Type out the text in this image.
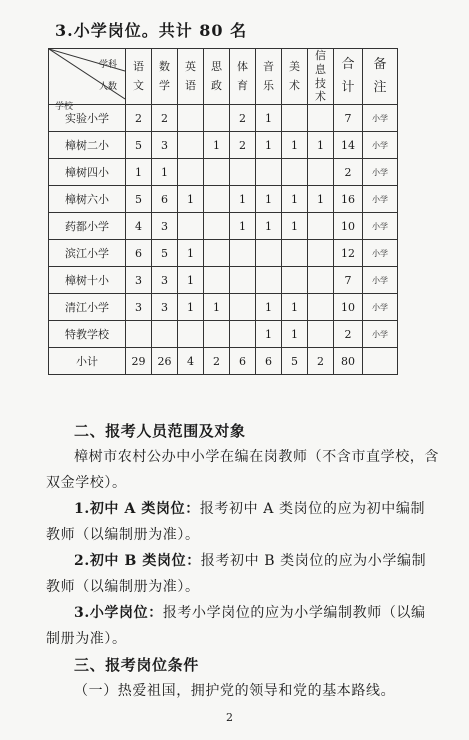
3.小学岗位。共计 80 名
学科
人数
学校	语文	数学	英语	思政	体育	音乐	美术	信息技术	合计	备注
实验小学	2	2			2	1			7	小学
樟树二小	5	3		1	2	1	1	1	14	小学
樟树四小	1	1							2	小学
樟树六小	5	6	1		1	1	1	1	16	小学
药都小学	4	3			1	1	1		10	小学
滨江小学	6	5	1						12	小学
樟树十小	3	3	1						7	小学
清江小学	3	3	1	1		1	1		10	小学
特教学校						1	1		2	小学
小计	29	26	4	2	6	6	5	2	80	
二、报考人员范围及对象
樟树市农村公办中小学在编在岗教师（不含市直学校，含双金学校）。
1.初中 A 类岗位：报考初中 A 类岗位的应为初中编制教师（以编制册为准）。
2.初中 B 类岗位：报考初中 B 类岗位的应为小学编制教师（以编制册为准）。
3.小学岗位：报考小学岗位的应为小学编制教师（以编制册为准）。
三、报考岗位条件
（一）热爱祖国，拥护党的领导和党的基本路线。
2
